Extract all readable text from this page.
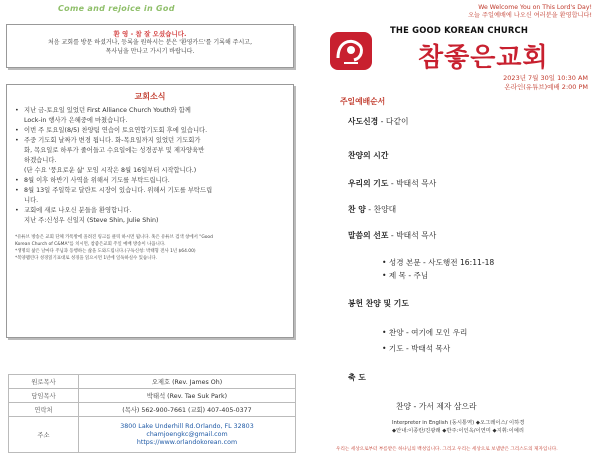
Come and rejoice in God
환 영 - 참 잘 오셨습니다.
처음 교회를 방문 하셨거나, 등록을 원하시는 분은 '환영카드'를 기록해 주시고,
목사님을 만나고 가시기 바랍니다.
교회소식
• 지난 금-토요일 있었던 First Alliance Church Youth와 함께
Lock-in 행사가 은혜중에 마쳤습니다.
• 이번 주 토요일(8/5) 찬양팀 연습이 토요연합기도회 후에 있습니다.
• 주중 기도회 날짜가 변경 됩니다. 화-목요일까지 있었던 기도회가
화, 목요일로 하루가 줄어들고 수요일에는 성경공부 및 제자양육반
하겠습니다.
(단 수요 '풍요로운 삶' 모임 시작은 8월 16일부터 시작합니다.)
• 8월 이후 하반기 사역을 위해서 기도를 부탁드립니다.
• 8월 13일 주일학교 달란트 시장이 있습니다. 위해서 기도를 부탁드립
니다.
• 교회에 새로 나오신 분들을 환영합니다.
지난 주:신성우 신일지 (Steve Shin, Julie Shin)

*유튜브 방송은 교회 단체 카톡방에 올려진 링크를 클릭 하시면 됩니다. 혹은 유튜브 검색 창에서 "Good

Korean Church of C&MA"를 치시면, 참좋은교회 주일 예배 방송이 나옵니다.

*생명의 삶은 날마다 주님과 동행하는 삶을 도와드립니다.(구독신청: 박태형 전사 1년 $64.00)

*복양팸린다 성경읽기표대로 성경을 읽으시면 1년에 일독하실수 있습니다.

원로목사	오제호 (Rev. James Oh)
담임목사	박태석 (Rev. Tae Suk Park)
연락처	(목사) 562-900-7661 (교회) 407-405-0377
주소	3800 Lake Underhill Rd.Orlando, FL 32803
chamjoengkc@gmail.com
https://www.orlandokorean.com
We Welcome You on This Lord's Day!
오늘 주일예배에 나오신 여러분을 환영합니다!
THE GOOD KOREAN CHURCH
참좋은교회
2023년 7월 30일 10:30 AM
온라인(유튜브)예배 2:00 PM
주일예배순서
사도신경 - 다같이
찬양의 시간
우리의 기도 - 박태석 목사
찬 양 - 찬양대
말씀의 선포 - 박태석 목사
• 성경 본문 - 사도행전 16:11-18
• 제 목 - 주님
봉헌 찬양 및 기도
• 찬양 - 여기에 모인 우리
• 기도 - 박태석 목사
축 도
찬양 - 가서 제자 삼으라
Interpreter in English (동시통역) ◆오그레이스/ 이하경
◆안내:이종란/진광래 ◆반주:이인옥/이연미 ◆지휘:이예리
우리는 세상으로부터 부름받은 하나님의 백성입니다. 그리고 우리는 세상으로 보냄받은 그리스도의 제자입니다.
